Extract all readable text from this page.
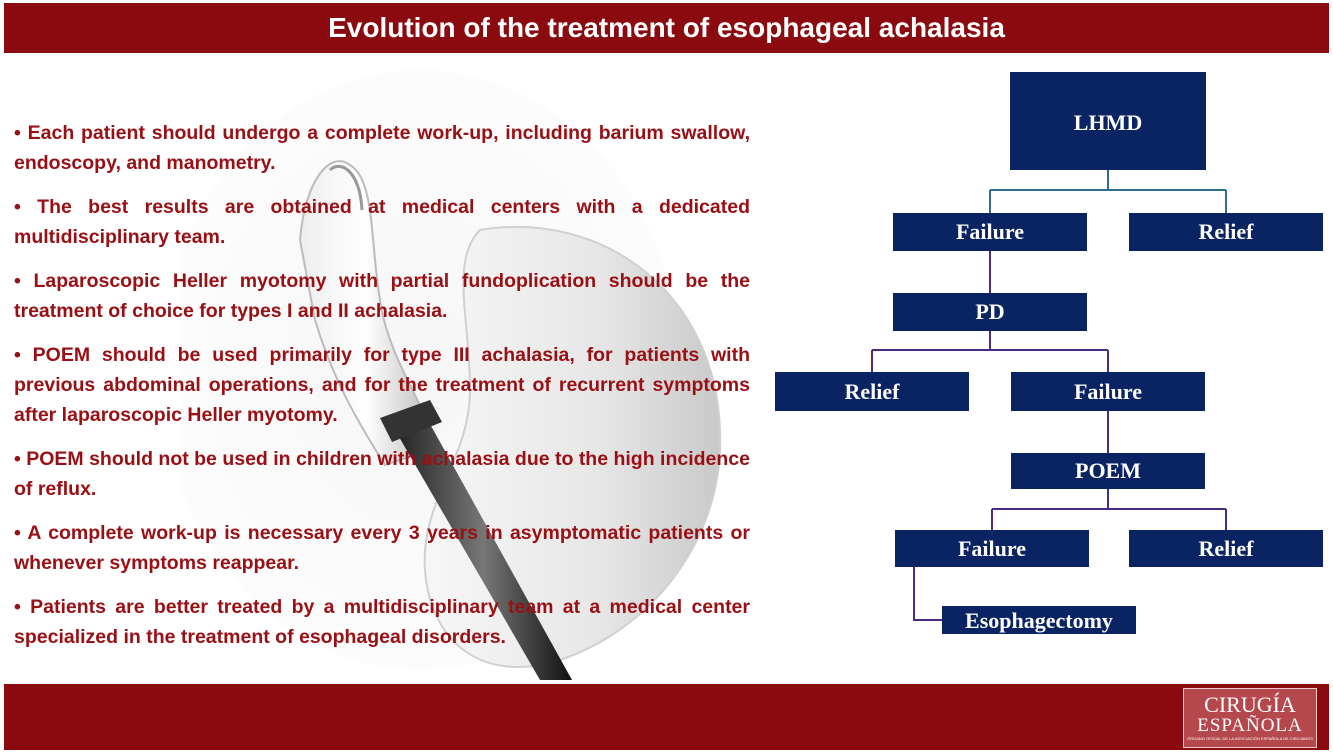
Evolution of the treatment of esophageal achalasia

• Each patient should undergo a complete work-up, including barium swallow, endoscopy, and manometry.

• The best results are obtained at medical centers with a dedicated multidisciplinary team.

• Laparoscopic Heller myotomy with partial fundoplication should be the treatment of choice for types I and II achalasia.

• POEM should be used primarily for type III achalasia, for patients with previous abdominal operations, and for the treatment of recurrent symptoms after laparoscopic Heller myotomy.

• POEM should not be used in children with achalasia due to the high incidence of reflux.

• A complete work-up is necessary every 3 years in asymptomatic patients or whenever symptoms reappear.

• Patients are better treated by a multidisciplinary team at a medical center specialized in the treatment of esophageal disorders.

LHMD
Failure	Relief
PD
Relief	Failure
POEM
Failure	Relief
Esophagectomy
CIRUGÍA
ESPAÑOLA
ÓRGANO OFICIAL DE LA ASOCIACIÓN ESPAÑOLA DE CIRUJANOS
